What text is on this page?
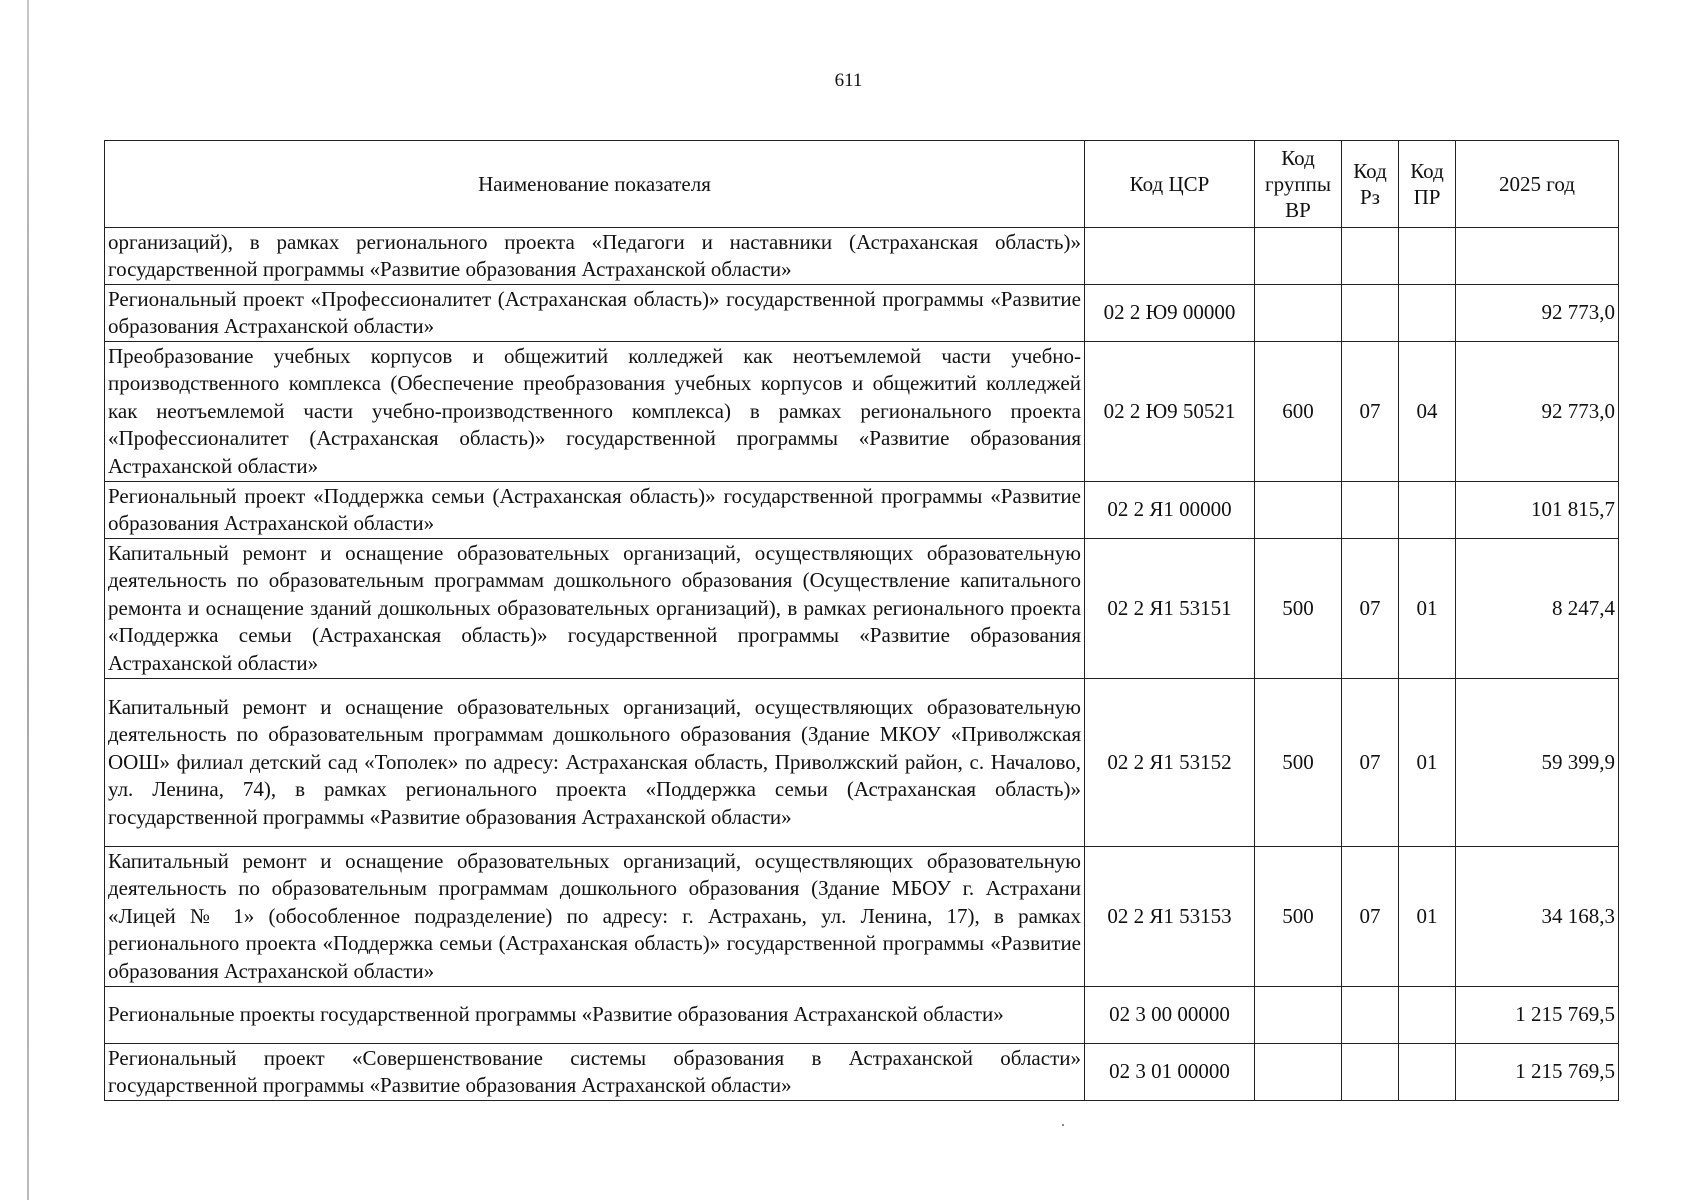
611
Наименование показателя	Код ЦСР	Код группы ВР	Код Рз	Код ПР	2025 год
организаций), в рамках регионального проекта «Педагоги и наставники (Астраханская область)» государственной программы «Развитие образования Астраханской области»					
Региональный проект «Профессионалитет (Астраханская область)» государственной программы «Развитие образования Астраханской области»	02 2 Ю9 00000				92 773,0
Преобразование учебных корпусов и общежитий колледжей как неотъемлемой части учебно-производственного комплекса (Обеспечение преобразования учебных корпусов и общежитий колледжей как неотъемлемой части учебно-производственного комплекса) в рамках регионального проекта «Профессионалитет (Астраханская область)» государственной программы «Развитие образования Астраханской области»	02 2 Ю9 50521	600	07	04	92 773,0
Региональный проект «Поддержка семьи (Астраханская область)» государственной программы «Развитие образования Астраханской области»	02 2 Я1 00000				101 815,7
Капитальный ремонт и оснащение образовательных организаций, осуществляющих образовательную деятельность по образовательным программам дошкольного образования (Осуществление капитального ремонта и оснащение зданий дошкольных образовательных организаций), в рамках регионального проекта «Поддержка семьи (Астраханская область)» государственной программы «Развитие образования Астраханской области»	02 2 Я1 53151	500	07	01	8 247,4
Капитальный ремонт и оснащение образовательных организаций, осуществляющих образовательную деятельность по образовательным программам дошкольного образования (Здание МКОУ «Приволжская ООШ» филиал детский сад «Тополек» по адресу: Астраханская область, Приволжский район, с. Началово, ул. Ленина, 74), в рамках регионального проекта «Поддержка семьи (Астраханская область)» государственной программы «Развитие образования Астраханской области»	02 2 Я1 53152	500	07	01	59 399,9
Капитальный ремонт и оснащение образовательных организаций, осуществляющих образовательную деятельность по образовательным программам дошкольного образования (Здание МБОУ г. Астрахани «Лицей № 1» (обособленное подразделение) по адресу: г. Астрахань, ул. Ленина, 17), в рамках регионального проекта «Поддержка семьи (Астраханская область)» государственной программы «Развитие образования Астраханской области»	02 2 Я1 53153	500	07	01	34 168,3
Региональные проекты государственной программы «Развитие образования Астраханской области»	02 3 00 00000				1 215 769,5
Региональный проект «Совершенствование системы образования в Астраханской области» государственной программы «Развитие образования Астраханской области»	02 3 01 00000				1 215 769,5
